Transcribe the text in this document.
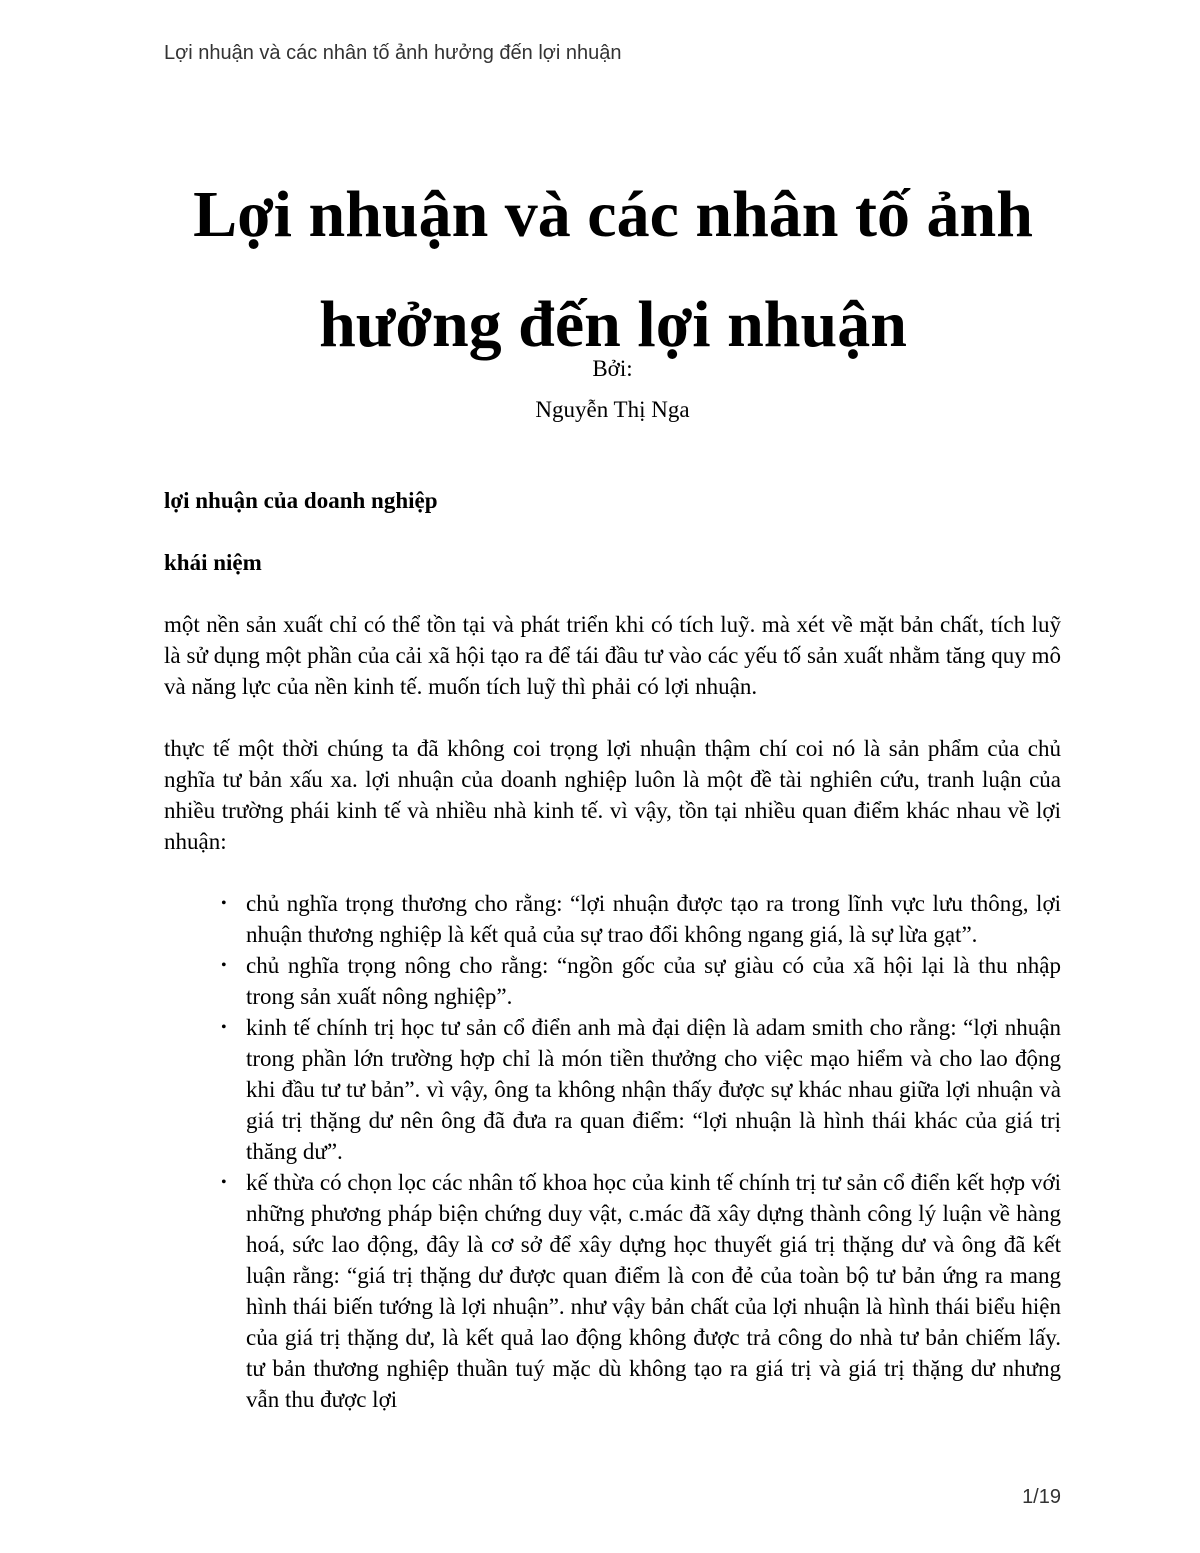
Lợi nhuận và các nhân tố ảnh hưởng đến lợi nhuận
Lợi nhuận và các nhân tố ảnh hưởng đến lợi nhuận
Bởi:
Nguyễn Thị Nga
lợi nhuận của doanh nghiệp
khái niệm

một nền sản xuất chỉ có thể tồn tại và phát triển khi có tích luỹ. mà xét về mặt bản chất, tích luỹ là sử dụng một phần của cải xã hội tạo ra để tái đầu tư vào các yếu tố sản xuất nhằm tăng quy mô và năng lực của nền kinh tế. muốn tích luỹ thì phải có lợi nhuận.

thực tế một thời chúng ta đã không coi trọng lợi nhuận thậm chí coi nó là sản phẩm của chủ nghĩa tư bản xấu xa. lợi nhuận của doanh nghiệp luôn là một đề tài nghiên cứu, tranh luận của nhiều trường phái kinh tế và nhiều nhà kinh tế. vì vậy, tồn tại nhiều quan điểm khác nhau về lợi nhuận:

• chủ nghĩa trọng thương cho rằng: “lợi nhuận được tạo ra trong lĩnh vực lưu thông, lợi nhuận thương nghiệp là kết quả của sự trao đổi không ngang giá, là sự lừa gạt”.
• chủ nghĩa trọng nông cho rằng: “ngồn gốc của sự giàu có của xã hội lại là thu nhập trong sản xuất nông nghiệp”.
• kinh tế chính trị học tư sản cổ điển anh mà đại diện là adam smith cho rằng: “lợi nhuận trong phần lớn trường hợp chỉ là món tiền thưởng cho việc mạo hiểm và cho lao động khi đầu tư tư bản”. vì vậy, ông ta không nhận thấy được sự khác nhau giữa lợi nhuận và giá trị thặng dư nên ông đã đưa ra quan điểm: “lợi nhuận là hình thái khác của giá trị thăng dư”.
• kế thừa có chọn lọc các nhân tố khoa học của kinh tế chính trị tư sản cổ điển kết hợp với những phương pháp biện chứng duy vật, c.mác đã xây dựng thành công lý luận về hàng hoá, sức lao động, đây là cơ sở để xây dựng học thuyết giá trị thặng dư và ông đã kết luận rằng: “giá trị thặng dư được quan điểm là con đẻ của toàn bộ tư bản ứng ra mang hình thái biến tướng là lợi nhuận”. như vậy bản chất của lợi nhuận là hình thái biểu hiện của giá trị thặng dư, là kết quả lao động không được trả công do nhà tư bản chiếm lấy. tư bản thương nghiệp thuần tuý mặc dù không tạo ra giá trị và giá trị thặng dư nhưng vẫn thu được lợi
1/19
